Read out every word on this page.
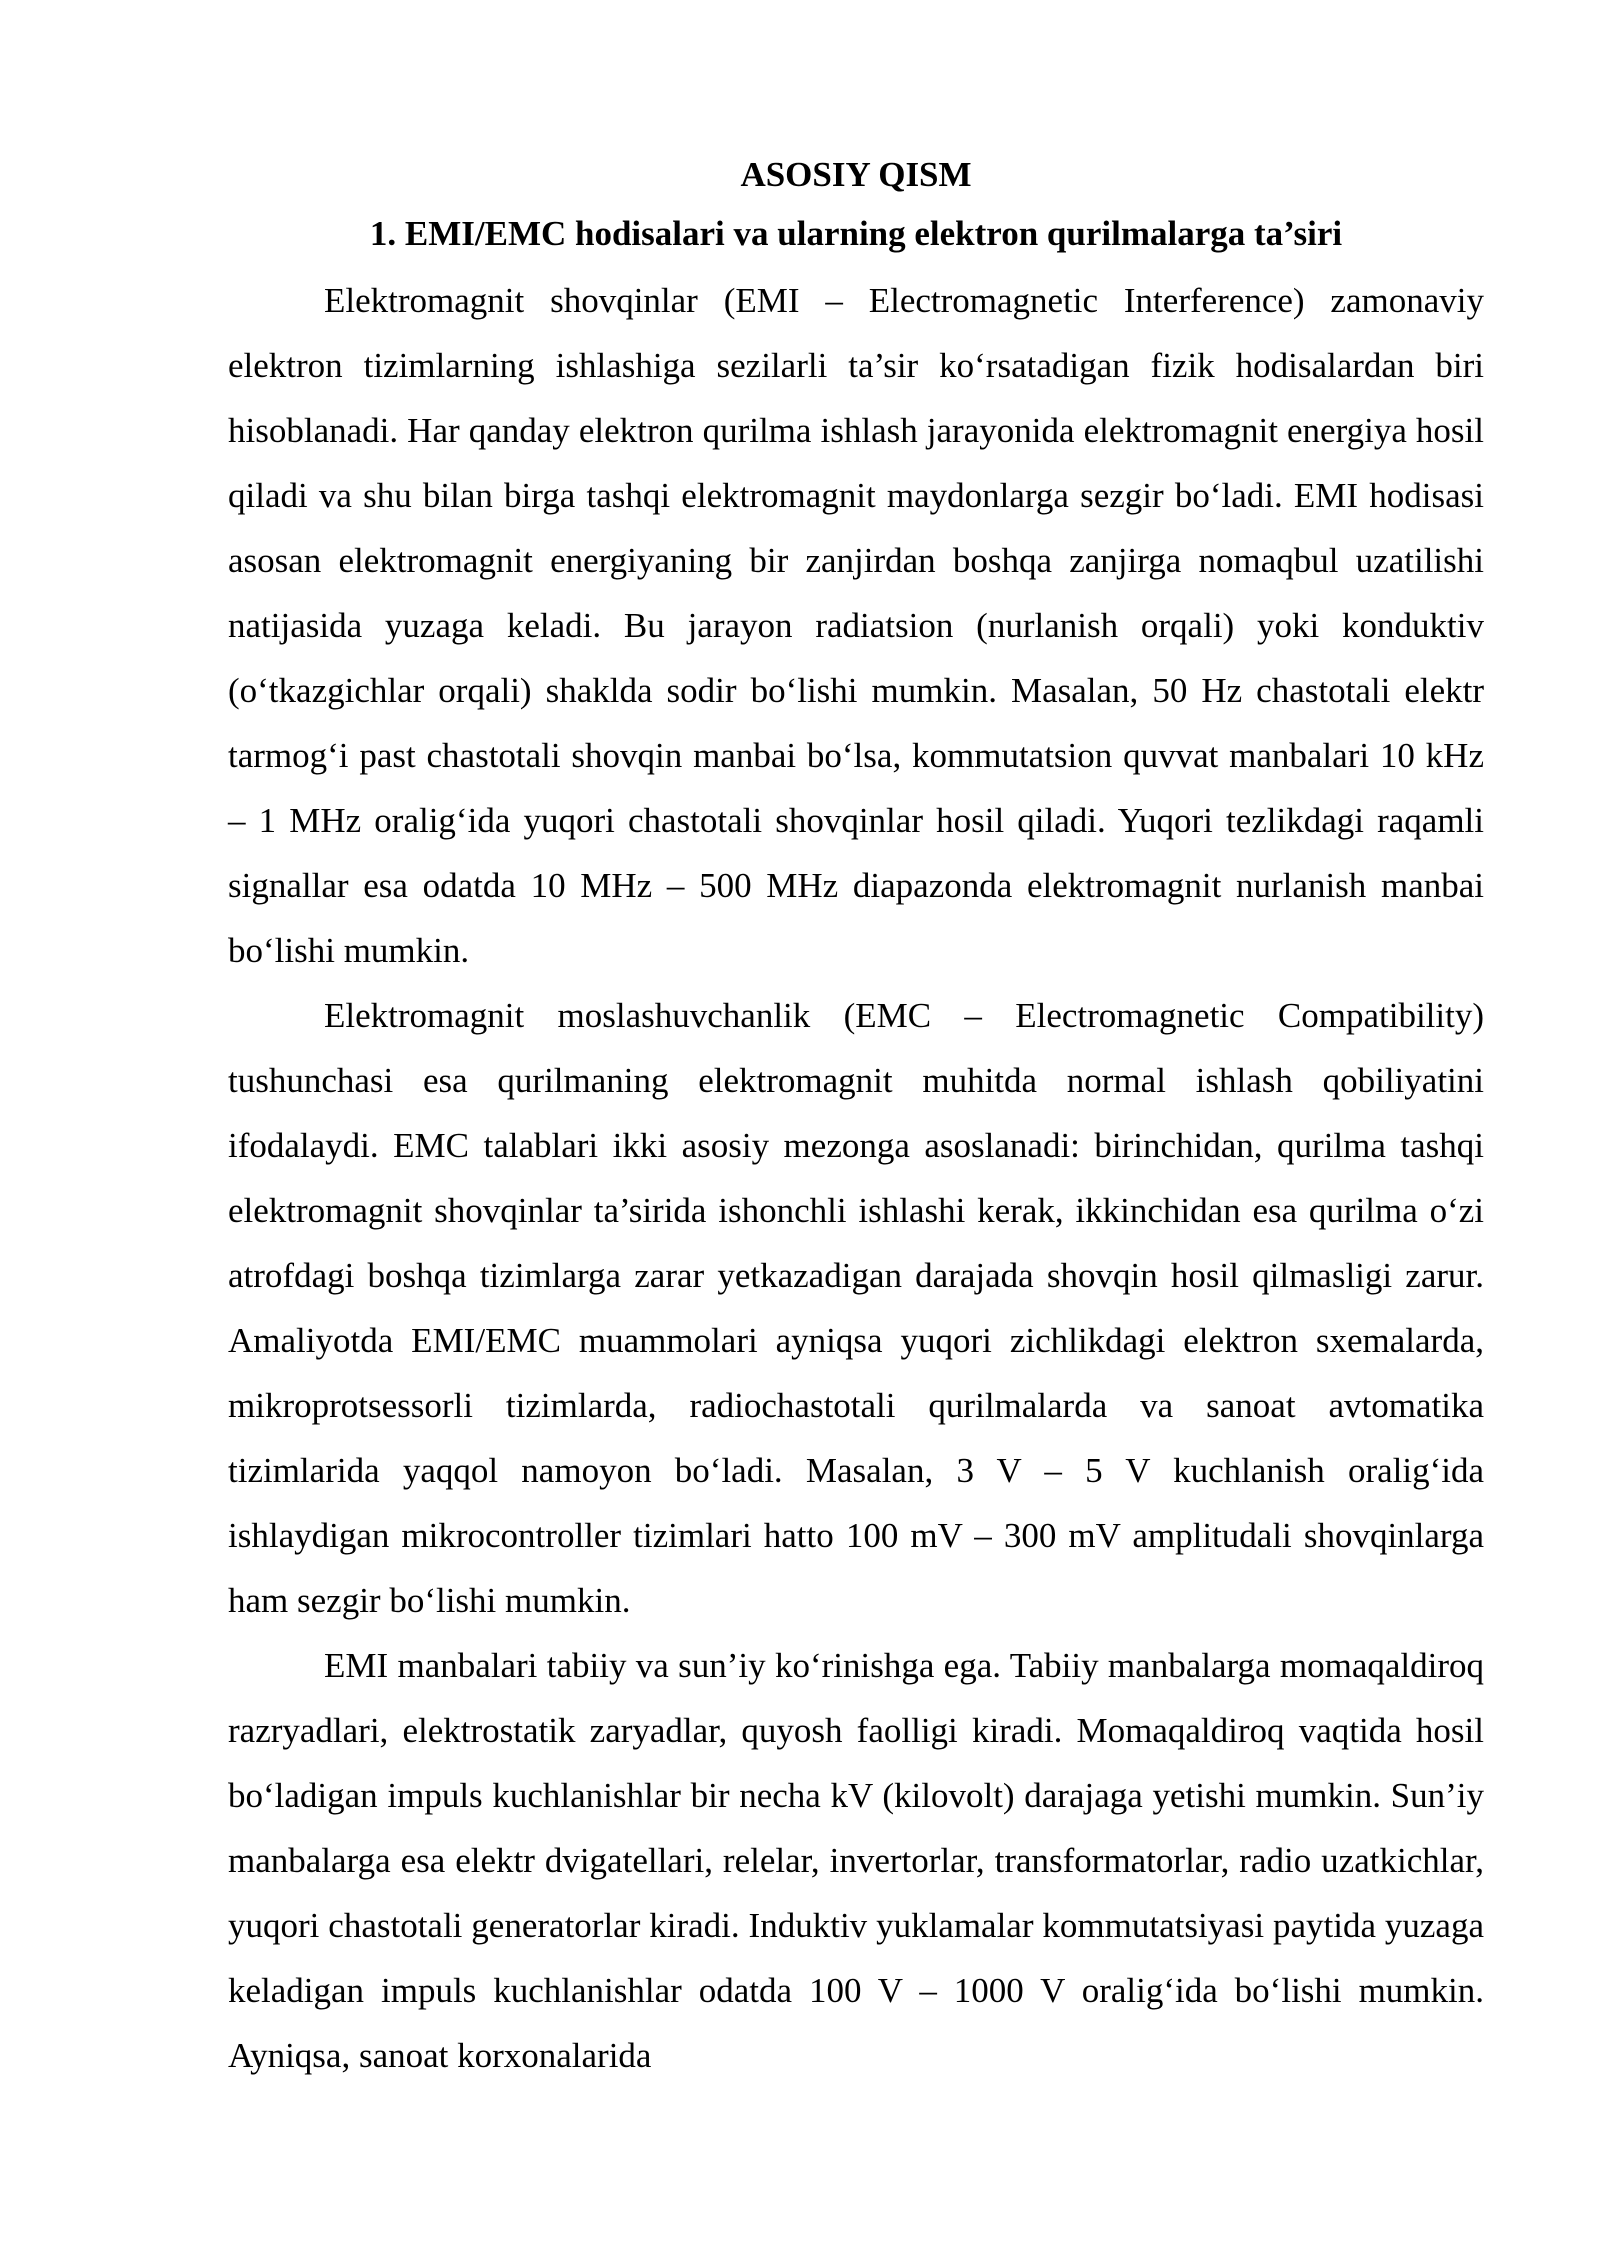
ASOSIY QISM
1. EMI/EMC hodisalari va ularning elektron qurilmalarga ta’siri

Elektromagnit shovqinlar (EMI – Electromagnetic Interference) zamonaviy elektron tizimlarning ishlashiga sezilarli ta’sir ko‘rsatadigan fizik hodisalardan biri hisoblanadi. Har qanday elektron qurilma ishlash jarayonida elektromagnit energiya hosil qiladi va shu bilan birga tashqi elektromagnit maydonlarga sezgir bo‘ladi. EMI hodisasi asosan elektromagnit energiyaning bir zanjirdan boshqa zanjirga nomaqbul uzatilishi natijasida yuzaga keladi. Bu jarayon radiatsion (nurlanish orqali) yoki konduktiv (o‘tkazgichlar orqali) shaklda sodir bo‘lishi mumkin. Masalan, 50 Hz chastotali elektr tarmog‘i past chastotali shovqin manbai bo‘lsa, kommutatsion quvvat manbalari 10 kHz – 1 MHz oralig‘ida yuqori chastotali shovqinlar hosil qiladi. Yuqori tezlikdagi raqamli signallar esa odatda 10 MHz – 500 MHz diapazonda elektromagnit nurlanish manbai bo‘lishi mumkin.

Elektromagnit moslashuvchanlik (EMC – Electromagnetic Compatibility) tushunchasi esa qurilmaning elektromagnit muhitda normal ishlash qobiliyatini ifodalaydi. EMC talablari ikki asosiy mezonga asoslanadi: birinchidan, qurilma tashqi elektromagnit shovqinlar ta’sirida ishonchli ishlashi kerak, ikkinchidan esa qurilma o‘zi atrofdagi boshqa tizimlarga zarar yetkazadigan darajada shovqin hosil qilmasligi zarur. Amaliyotda EMI/EMC muammolari ayniqsa yuqori zichlikdagi elektron sxemalarda, mikroprotsessorli tizimlarda, radiochastotali qurilmalarda va sanoat avtomatika tizimlarida yaqqol namoyon bo‘ladi. Masalan, 3 V – 5 V kuchlanish oralig‘ida ishlaydigan mikrocontroller tizimlari hatto 100 mV – 300 mV amplitudali shovqinlarga ham sezgir bo‘lishi mumkin.

EMI manbalari tabiiy va sun’iy ko‘rinishga ega. Tabiiy manbalarga momaqaldiroq razryadlari, elektrostatik zaryadlar, quyosh faolligi kiradi. Momaqaldiroq vaqtida hosil bo‘ladigan impuls kuchlanishlar bir necha kV (kilovolt) darajaga yetishi mumkin. Sun’iy manbalarga esa elektr dvigatellari, relelar, invertorlar, transformatorlar, radio uzatkichlar, yuqori chastotali generatorlar kiradi. Induktiv yuklamalar kommutatsiyasi paytida yuzaga keladigan impuls kuchlanishlar odatda 100 V – 1000 V oralig‘ida bo‘lishi mumkin. Ayniqsa, sanoat korxonalarida
